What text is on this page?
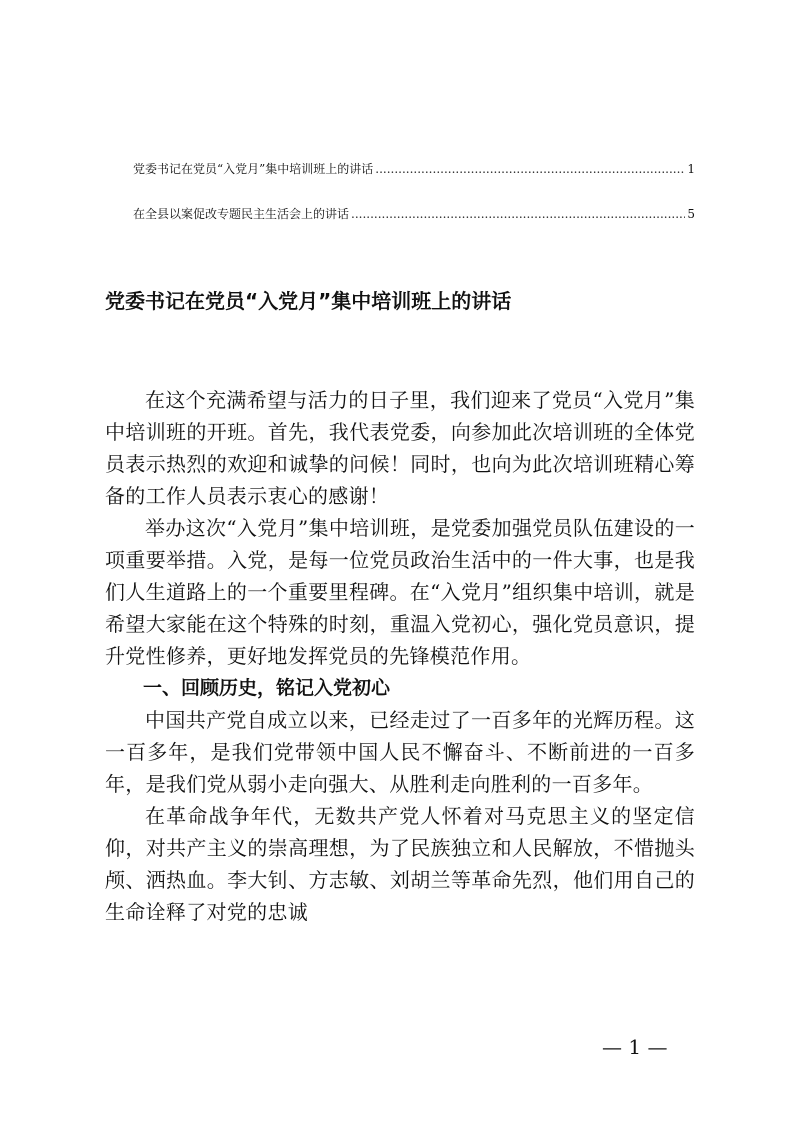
党委书记在党员“入党月”集中培训班上的讲话 .....	1
在全县以案促改专题民主生活会上的讲话 .....	5
党委书记在党员“入党月”集中培训班上的讲话

在这个充满希望与活力的日子里，我们迎来了党员“入党月”集中培训班的开班。首先，我代表党委，向参加此次培训班的全体党员表示热烈的欢迎和诚挚的问候！同时，也向为此次培训班精心筹备的工作人员表示衷心的感谢！

举办这次“入党月”集中培训班，是党委加强党员队伍建设的一项重要举措。入党，是每一位党员政治生活中的一件大事，也是我们人生道路上的一个重要里程碑。在“入党月”组织集中培训，就是希望大家能在这个特殊的时刻，重温入党初心，强化党员意识，提升党性修养，更好地发挥党员的先锋模范作用。

一、回顾历史，铭记入党初心

中国共产党自成立以来，已经走过了一百多年的光辉历程。这一百多年，是我们党带领中国人民不懈奋斗、不断前进的一百多年，是我们党从弱小走向强大、从胜利走向胜利的一百多年。

在革命战争年代，无数共产党人怀着对马克思主义的坚定信仰，对共产主义的崇高理想，为了民族独立和人民解放，不惜抛头颅、洒热血。李大钊、方志敏、刘胡兰等革命先烈，他们用自己的生命诠释了对党的忠诚

— 1 —
